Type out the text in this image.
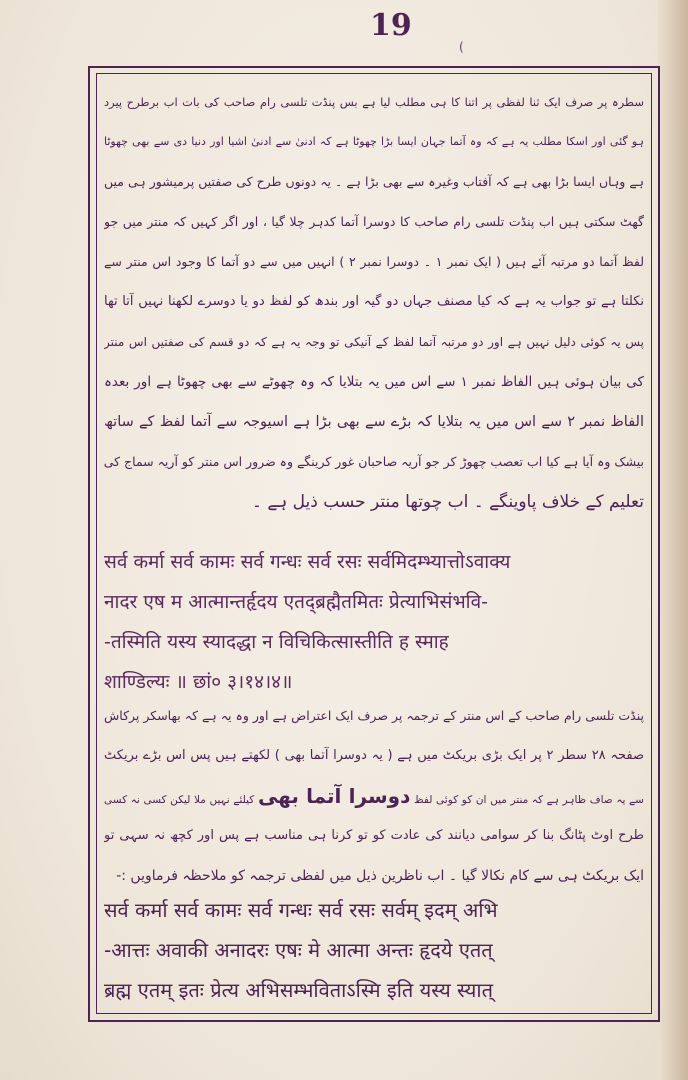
19
(
سطرہ پر صرف ایک ثنا لفظی پر اتنا کا ہی مطلب لیا ہے بس پنڈت تلسی رام صاحب کی بات اب برطرح پیرد
ہو گئی اور اسکا مطلب یہ ہے کہ وہ آتما جہان ایسا بڑا چھوٹا ہے کہ ادنیٰ سے ادنیٰ اشیا اور دنیا دی سے بھی چھوٹا
ہے وہاں ایسا بڑا بھی ہے کہ آفتاب وغیرہ سے بھی بڑا ہے ۔ یہ دونوں طرح کی صفتیں پرمیشور ہی میں
گھٹ سکتی ہیں اب پنڈت تلسی رام صاحب کا دوسرا آتما کدہر چلا گیا ، اور اگر کہیں کہ منتر میں جو
لفظ آتما دو مرتبہ آئے ہیں ( ایک نمبر ۱ ۔ دوسرا نمبر ۲ ) انہیں میں سے دو آتما کا وجود اس منتر سے
نکلتا ہے تو جواب یہ ہے کہ کیا مصنف جہاں دو گیہ اور بندھ کو لفظ دو یا دوسرے لکھنا نہیں آتا تھا
پس یہ کوئی دلیل نہیں ہے اور دو مرتبہ آتما لفظ کے آنیکی تو وجہ یہ ہے کہ دو قسم کی صفتیں اس منتر
کی بیان ہوئی ہیں الفاظ نمبر ۱ سے اس میں یہ بتلایا کہ وہ چھوٹے سے بھی چھوٹا ہے اور بعدہ
الفاظ نمبر ۲ سے اس میں یہ بتلایا کہ بڑے سے بھی بڑا ہے اسیوجہ سے آتما لفظ کے ساتھ
بیشک وہ آیا ہے کیا اب تعصب چھوڑ کر جو آریہ صاحبان غور کرینگے وہ ضرور اس منتر کو آریہ سماج کی
تعلیم کے خلاف پاوینگے ۔ اب چوتھا منتر حسب ذیل ہے ۔
सर्व कर्मा सर्व कामः सर्व गन्धः सर्व रसः सर्वमिदम्भ्यात्तोऽवाक्य
नादर एष म आत्मान्तर्हृदय एतद्ब्रह्मैतमितः प्रेत्याभिसंभवि-
-तस्मिति यस्य स्यादद्धा न विचिकित्सास्तीति ह स्माह
शाण्डिल्यः ॥ छां० ३।१४।४॥
پنڈت تلسی رام صاحب کے اس منتر کے ترجمہ پر صرف ایک اعتراض ہے اور وہ یہ ہے کہ بھاسکر پرکاش
صفحہ ۲۸ سطر ۲ پر ایک بڑی بریکٹ میں ہے ( یہ دوسرا آتما بھی ) لکھتے ہیں پس اس بڑے بریکٹ
سے یہ صاف ظاہر ہے کہ منتر میں ان کو کوئی لفظ دوسرا آتما بھی کیلئے نہیں ملا لیکن کسی نہ کسی
طرح اوٹ پٹانگ بنا کر سوامی دیانند کی عادت کو تو کرنا ہی مناسب ہے پس اور کچھ نہ سہی تو
ایک بریکٹ ہی سے کام نکالا گیا ۔ اب ناظرین ذیل میں لفظی ترجمہ کو ملاحظہ فرماویں :-
सर्व कर्मा सर्व कामः सर्व गन्धः सर्व रसः सर्वम् इदम् अभि
-आत्तः अवाकी अनादरः एषः मे आत्मा अन्तः हृदये एतत्
ब्रह्म एतम् इतः प्रेत्य अभिसम्भविताऽस्मि इति यस्य स्यात्
